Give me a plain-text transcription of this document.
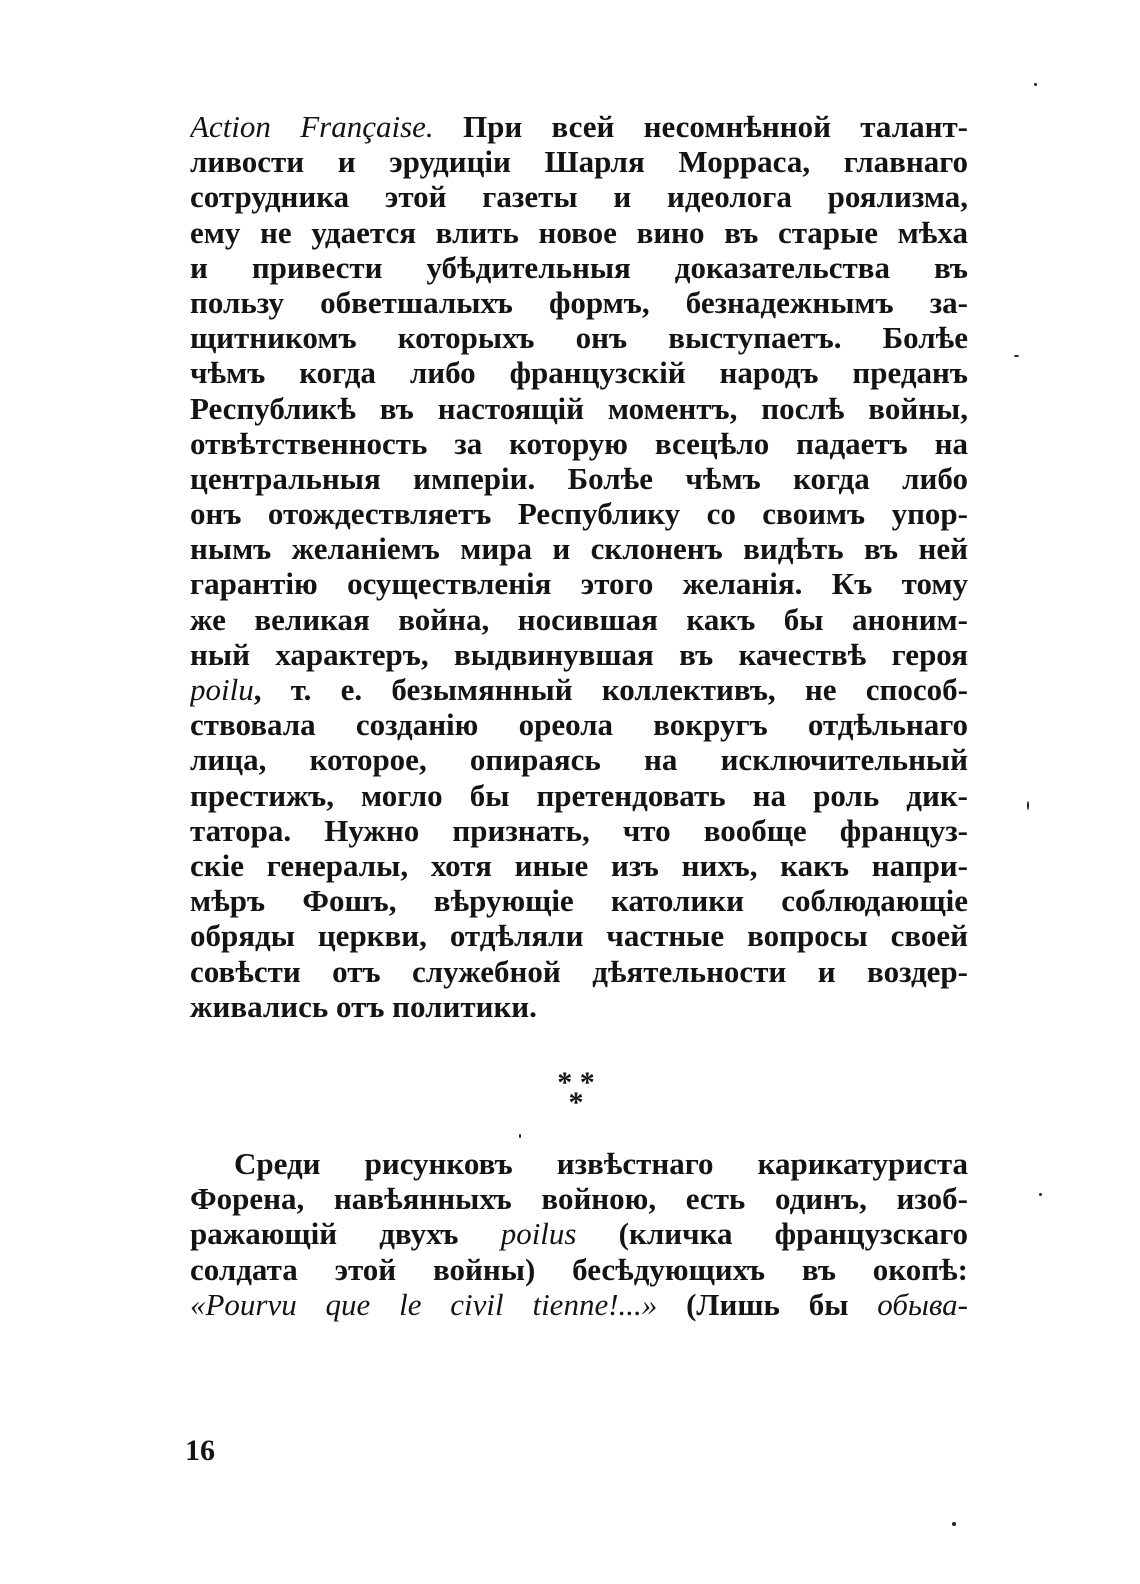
Action Française. При всей несомнѣнной талант-
ливости и эрудиціи Шарля Морраса, главнаго
сотрудника этой газеты и идеолога роялизма,
ему не удается влить новое вино въ старые мѣха
и привести убѣдительныя доказательства въ
пользу обветшалыхъ формъ, безнадежнымъ за-
щитникомъ которыхъ онъ выступаетъ. Болѣе
чѣмъ когда либо французскій народъ преданъ
Республикѣ въ настоящій моментъ, послѣ войны,
отвѣтственность за которую всецѣло падаетъ на
центральныя имперіи. Болѣе чѣмъ когда либо
онъ отождествляетъ Республику со своимъ упор-
нымъ желаніемъ мира и склоненъ видѣть въ ней
гарантію осуществленія этого желанія. Къ тому
же великая война, носившая какъ бы аноним-
ный характеръ, выдвинувшая въ качествѣ героя
poilu, т. е. безымянный коллективъ, не способ-
ствовала созданію ореола вокругъ отдѣльнаго
лица, которое, опираясь на исключительный
престижъ, могло бы претендовать на роль дик-
татора. Нужно признать, что вообще француз-
скіе генералы, хотя иные изъ нихъ, какъ напри-
мѣръ Фошъ, вѣрующіе католики соблюдающіе
обряды церкви, отдѣляли частные вопросы своей
совѣсти отъ служебной дѣятельности и воздер-
живались отъ политики.
* *
*
Среди рисунковъ извѣстнаго карикатуриста
Форена, навѣянныхъ войною, есть одинъ, изоб-
ражающій двухъ poilus (кличка французскаго
солдата этой войны) бесѣдующихъ въ окопѣ:
«Pourvu que le civil tienne!...» (Лишь бы обыва-
16
